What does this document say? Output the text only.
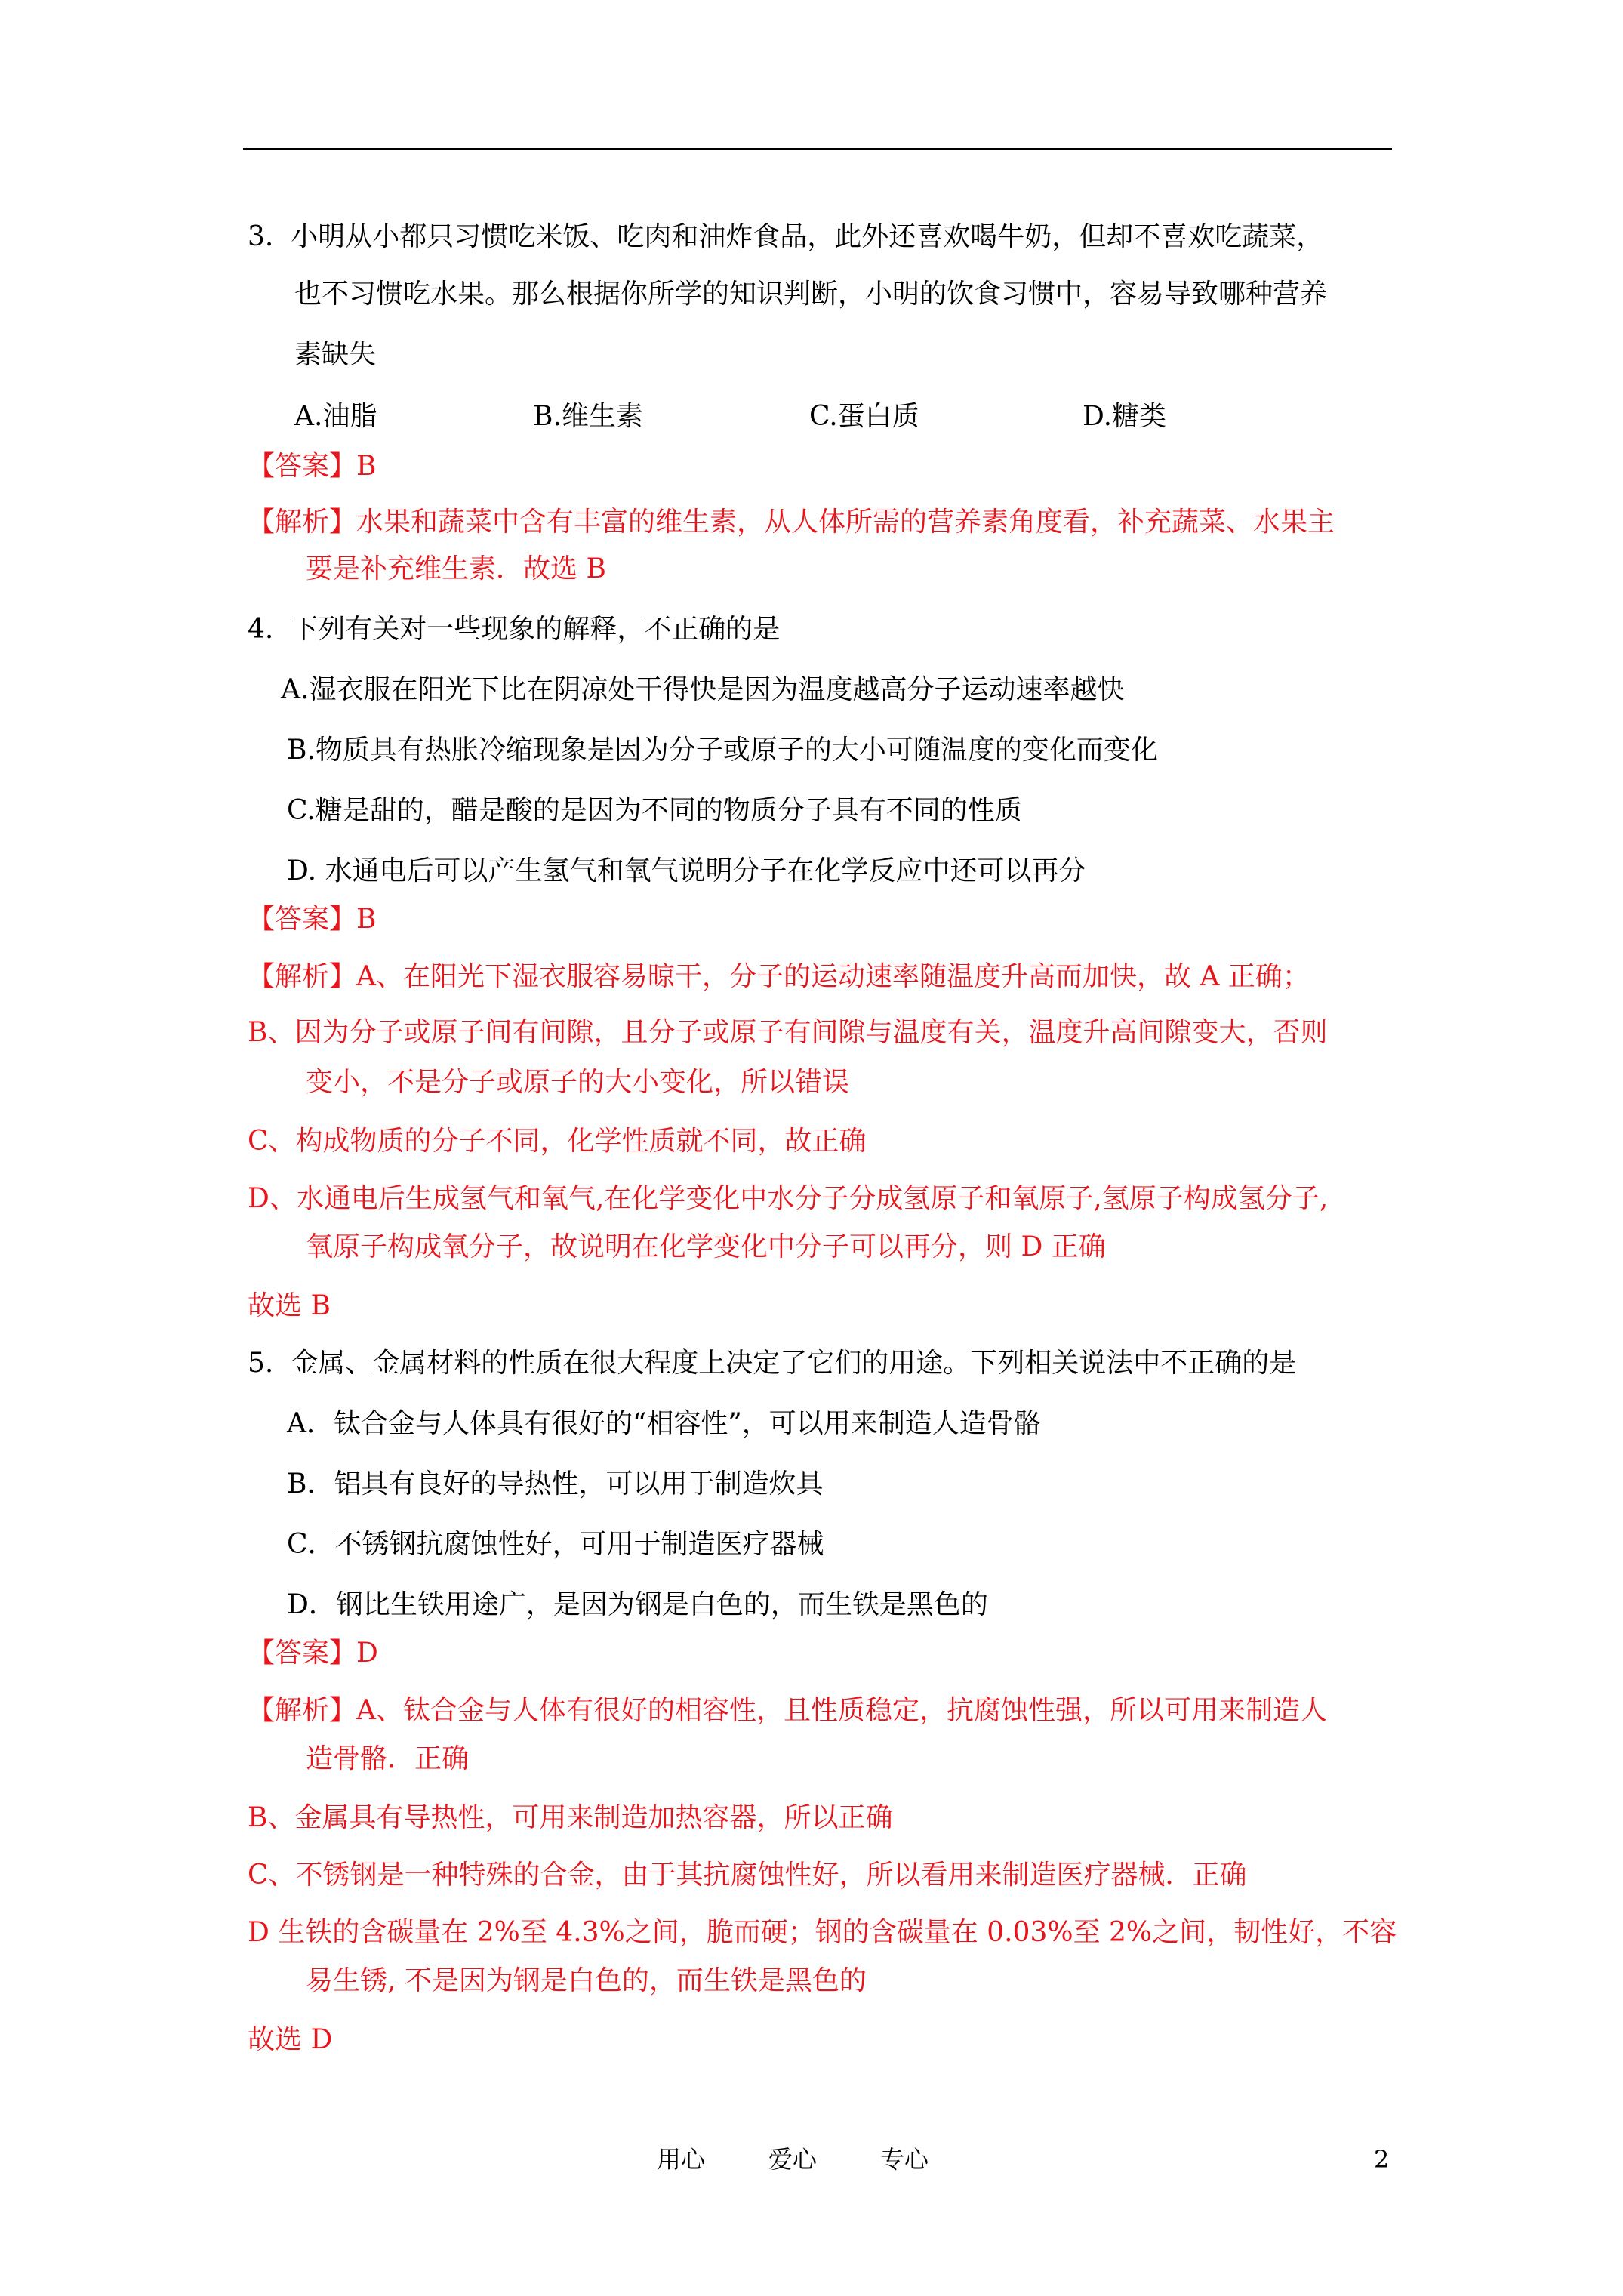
3.  小明从小都只习惯吃米饭、吃肉和油炸食品，此外还喜欢喝牛奶，但却不喜欢吃蔬菜，
也不习惯吃水果。那么根据你所学的知识判断，小明的饮食习惯中，容易导致哪种营养
素缺失
A.油脂	B.维生素	C.蛋白质	D.糖类
【答案】B
【解析】水果和蔬菜中含有丰富的维生素，从人体所需的营养素角度看，补充蔬菜、水果主
要是补充维生素．故选 B
4.  下列有关对一些现象的解释，不正确的是
A.湿衣服在阳光下比在阴凉处干得快是因为温度越高分子运动速率越快
B.物质具有热胀冷缩现象是因为分子或原子的大小可随温度的变化而变化
C.糖是甜的，醋是酸的是因为不同的物质分子具有不同的性质
D. 水通电后可以产生氢气和氧气说明分子在化学反应中还可以再分
【答案】B
【解析】A、在阳光下湿衣服容易晾干，分子的运动速率随温度升高而加快，故 A 正确；
B、因为分子或原子间有间隙，且分子或原子有间隙与温度有关，温度升高间隙变大，否则
变小，不是分子或原子的大小变化，所以错误
C、构成物质的分子不同，化学性质就不同，故正确
D、水通电后生成氢气和氧气,在化学变化中水分子分成氢原子和氧原子,氢原子构成氢分子,
氧原子构成氧分子，故说明在化学变化中分子可以再分，则 D 正确
故选 B
5.  金属、金属材料的性质在很大程度上决定了它们的用途。下列相关说法中不正确的是
A．钛合金与人体具有很好的“相容性”，可以用来制造人造骨骼
B．铝具有良好的导热性，可以用于制造炊具
C．不锈钢抗腐蚀性好，可用于制造医疗器械
D．钢比生铁用途广，是因为钢是白色的，而生铁是黑色的
【答案】D
【解析】A、钛合金与人体有很好的相容性，且性质稳定，抗腐蚀性强，所以可用来制造人
造骨骼．正确
B、金属具有导热性，可用来制造加热容器，所以正确
C、不锈钢是一种特殊的合金，由于其抗腐蚀性好，所以看用来制造医疗器械．正确
D 生铁的含碳量在 2%至 4.3%之间，脆而硬；钢的含碳量在 0.03%至 2%之间，韧性好，不容
易生锈, 不是因为钢是白色的，而生铁是黑色的
故选 D
用心	爱心	专心	2
